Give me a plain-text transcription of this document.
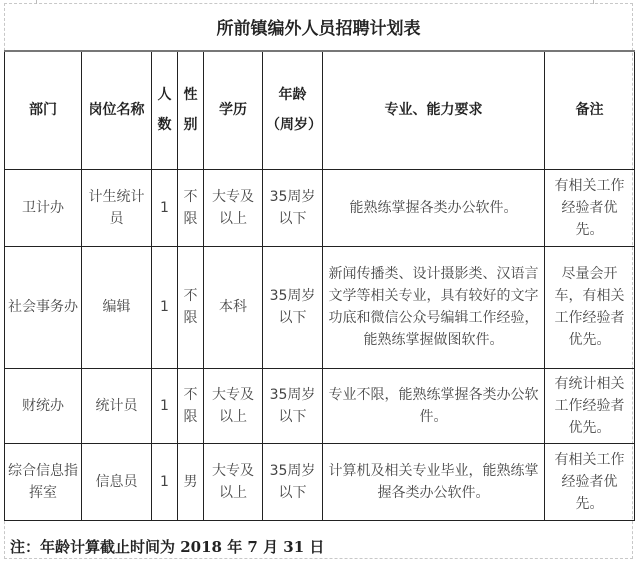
所前镇编外人员招聘计划表
部门	岗位名称	人数	性别	学历	年龄（周岁）	专业、能力要求	备注
卫计办	计生统计员	1	不限	大专及以上	35周岁以下	能熟练掌握各类办公软件。	有相关工作经验者优先。
社会事务办	编辑	1	不限	本科	35周岁以下	新闻传播类、设计摄影类、汉语言文学等相关专业，具有较好的文字功底和微信公众号编辑工作经验，能熟练掌握做图软件。	尽量会开车，有相关工作经验者优先。
财统办	统计员	1	不限	大专及以上	35周岁以下	专业不限，能熟练掌握各类办公软件。	有统计相关工作经验者优先。
综合信息指挥室	信息员	1	男	大专及以上	35周岁以下	计算机及相关专业毕业，能熟练掌握各类办公软件。	有相关工作经验者优先。
注：年龄计算截止时间为 2018 年 7 月 31 日
